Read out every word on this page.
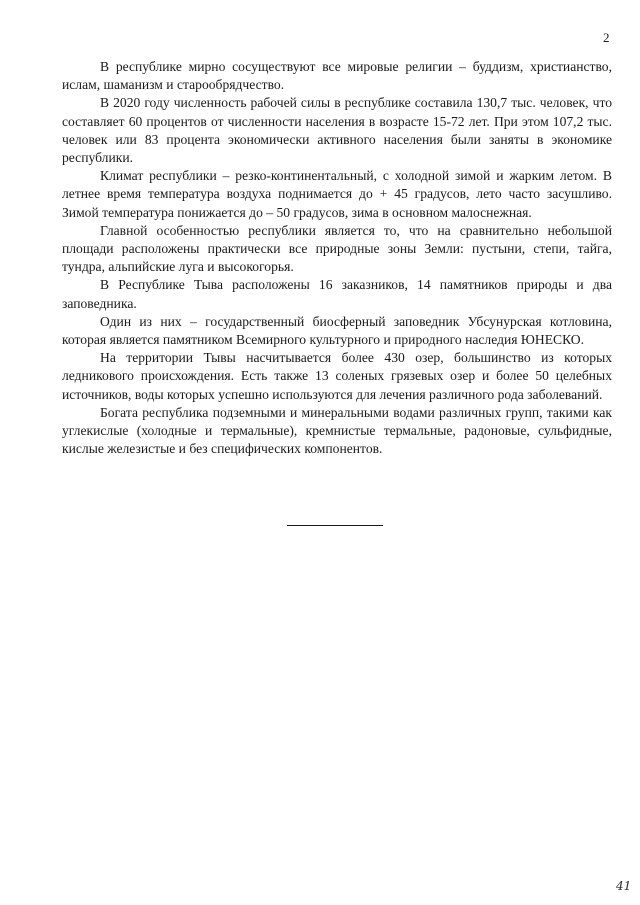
2

В республике мирно сосуществуют все мировые религии – буддизм, христианство, ислам, шаманизм и старообрядчество.

В 2020 году численность рабочей силы в республике составила 130,7 тыс. человек, что составляет 60 процентов от численности населения в возрасте 15-72 лет. При этом 107,2 тыс. человек или 83 процента экономически активного населения были заняты в экономике республики.

Климат республики – резко-континентальный, с холодной зимой и жарким летом. В летнее время температура воздуха поднимается до + 45 градусов, лето часто засушливо. Зимой температура понижается до – 50 градусов, зима в основном малоснежная.

Главной особенностью республики является то, что на сравнительно небольшой площади расположены практически все природные зоны Земли: пустыни, степи, тайга, тундра, альпийские луга и высокогорья.

В Республике Тыва расположены 16 заказников, 14 памятников природы и два заповедника.

Один из них – государственный биосферный заповедник Убсунурская котловина, которая является памятником Всемирного культурного и природного наследия ЮНЕСКО.

На территории Тывы насчитывается более 430 озер, большинство из которых ледникового происхождения. Есть также 13 соленых грязевых озер и более 50 целебных источников, воды которых успешно используются для лечения различного рода заболеваний.

Богата республика подземными и минеральными водами различных групп, такими как углекислые (холодные и термальные), кремнистые термальные, радоновые, сульфидные, кислые железистые и без специфических компонентов.

41
